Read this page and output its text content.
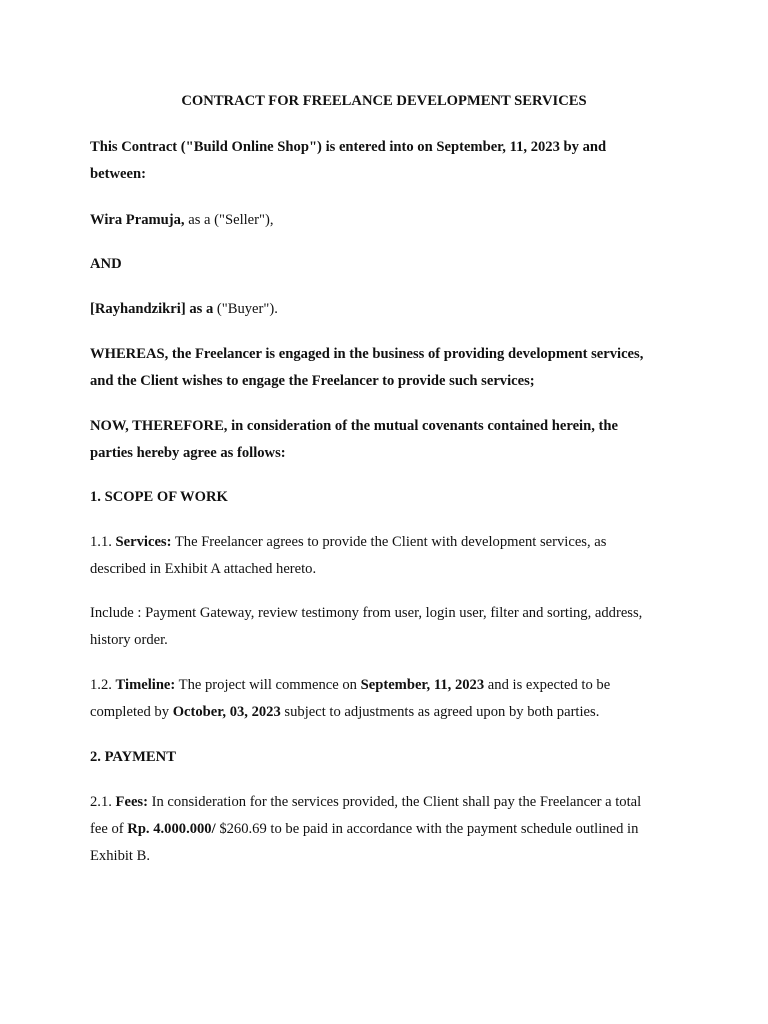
CONTRACT FOR FREELANCE DEVELOPMENT SERVICES
This Contract ("Build Online Shop") is entered into on September, 11, 2023 by and
between:
Wira Pramuja, as a ("Seller"),
AND
[Rayhandzikri] as a ("Buyer").
WHEREAS, the Freelancer is engaged in the business of providing development services,
and the Client wishes to engage the Freelancer to provide such services;
NOW, THEREFORE, in consideration of the mutual covenants contained herein, the
parties hereby agree as follows:
1. SCOPE OF WORK
1.1. Services: The Freelancer agrees to provide the Client with development services, as
described in Exhibit A attached hereto.
Include : Payment Gateway, review testimony from user, login user, filter and sorting, address,
history order.
1.2. Timeline: The project will commence on September, 11, 2023 and is expected to be
completed by October, 03, 2023 subject to adjustments as agreed upon by both parties.
2. PAYMENT
2.1. Fees: In consideration for the services provided, the Client shall pay the Freelancer a total
fee of Rp. 4.000.000/ $260.69 to be paid in accordance with the payment schedule outlined in
Exhibit B.
